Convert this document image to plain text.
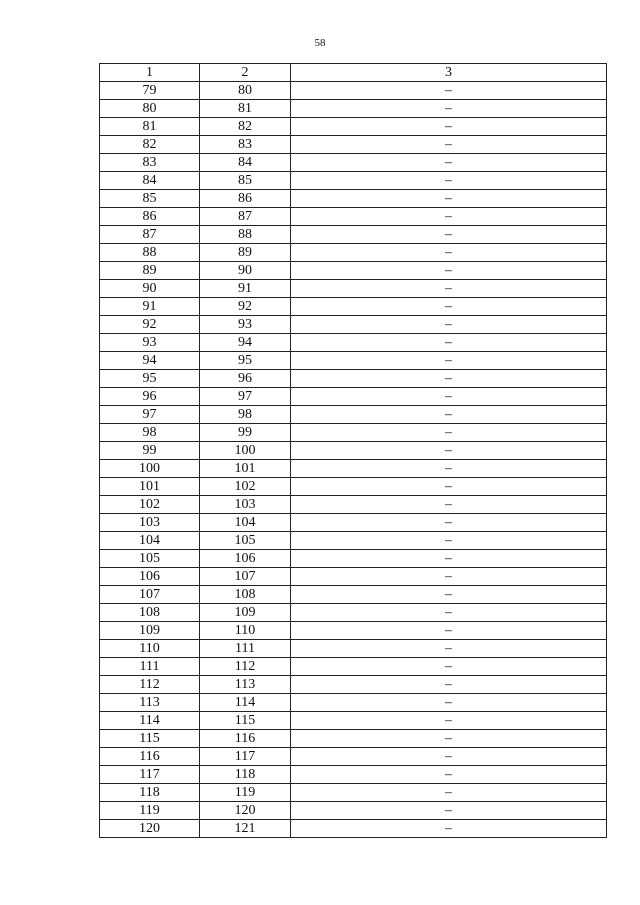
58
1	2	3
79	80	–
80	81	–
81	82	–
82	83	–
83	84	–
84	85	–
85	86	–
86	87	–
87	88	–
88	89	–
89	90	–
90	91	–
91	92	–
92	93	–
93	94	–
94	95	–
95	96	–
96	97	–
97	98	–
98	99	–
99	100	–
100	101	–
101	102	–
102	103	–
103	104	–
104	105	–
105	106	–
106	107	–
107	108	–
108	109	–
109	110	–
110	111	–
111	112	–
112	113	–
113	114	–
114	115	–
115	116	–
116	117	–
117	118	–
118	119	–
119	120	–
120	121	–
